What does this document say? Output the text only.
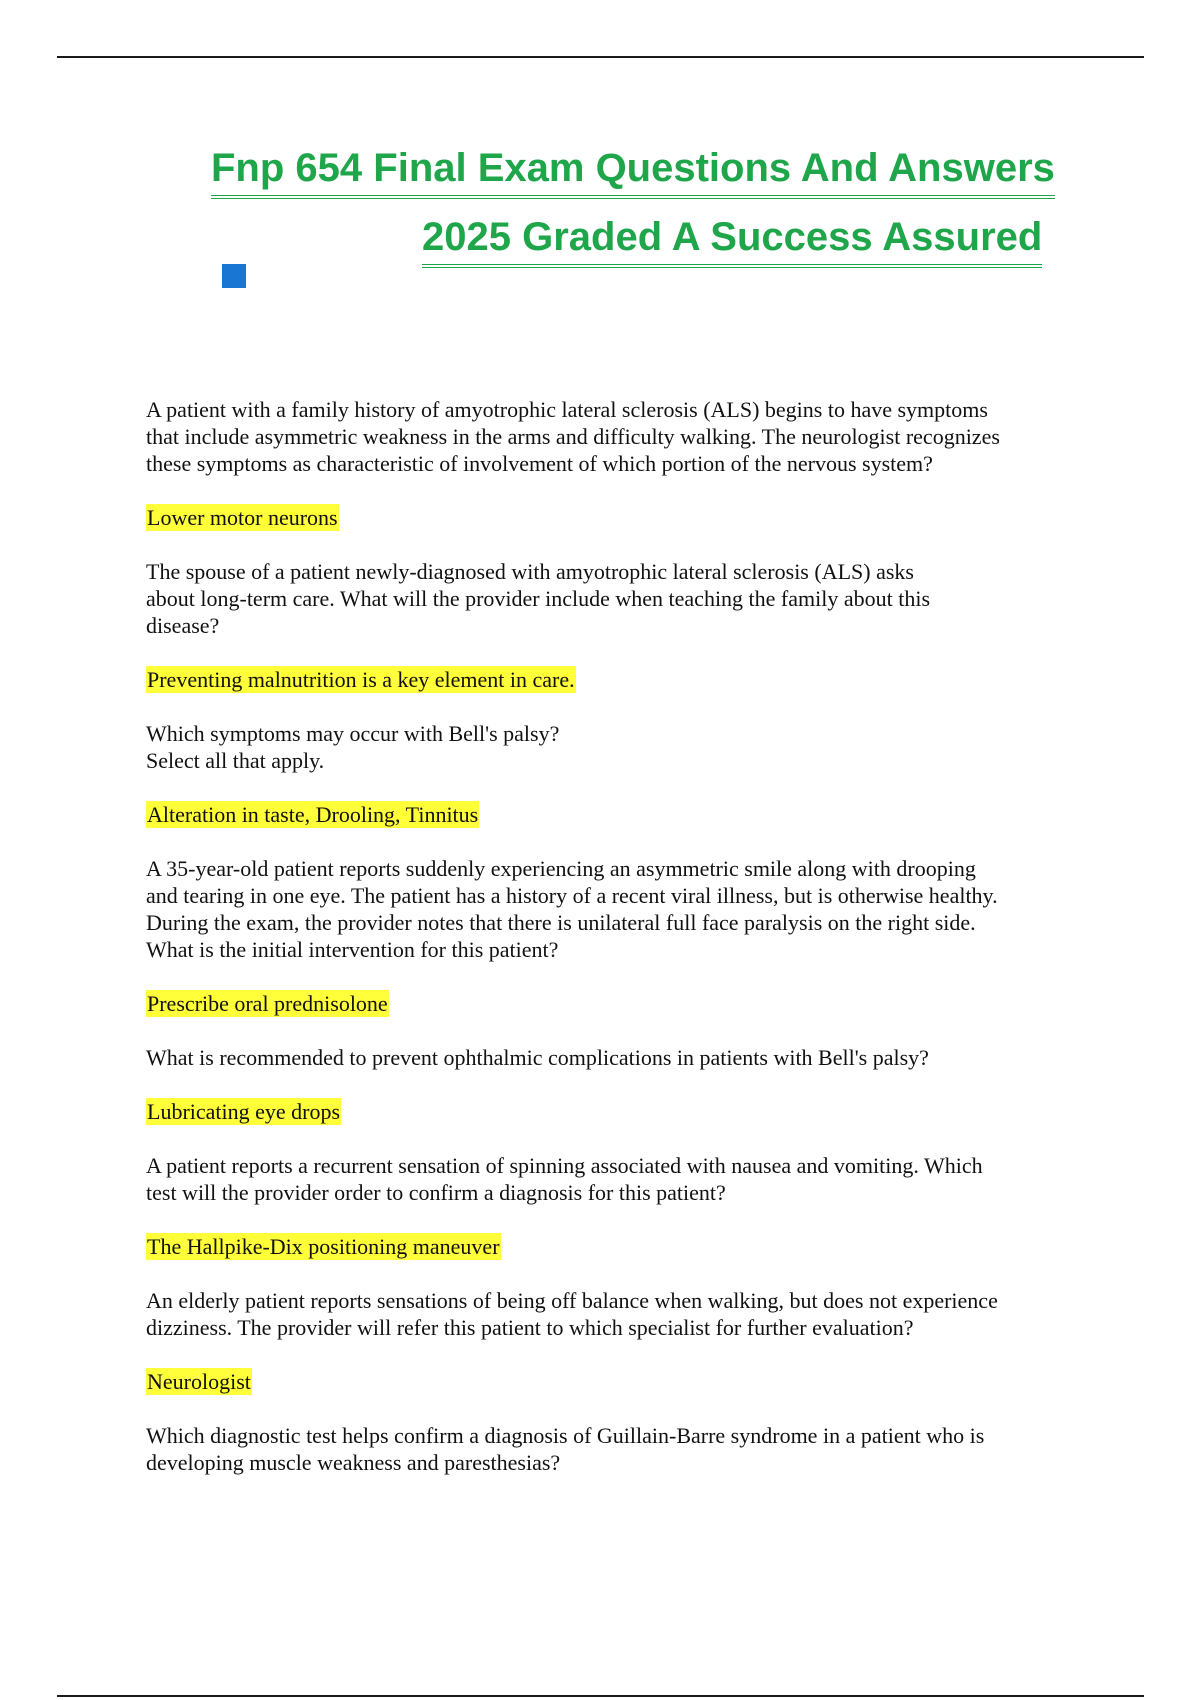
Fnp 654 Final Exam Questions And Answers
2025 Graded A Success Assured
A patient with a family history of amyotrophic lateral sclerosis (ALS) begins to have symptoms
that include asymmetric weakness in the arms and difficulty walking. The neurologist recognizes
these symptoms as characteristic of involvement of which portion of the nervous system?
Lower motor neurons
The spouse of a patient newly-diagnosed with amyotrophic lateral sclerosis (ALS) asks
about long-term care. What will the provider include when teaching the family about this
disease?
Preventing malnutrition is a key element in care.
Which symptoms may occur with Bell's palsy?
Select all that apply.
Alteration in taste, Drooling, Tinnitus
A 35-year-old patient reports suddenly experiencing an asymmetric smile along with drooping
and tearing in one eye. The patient has a history of a recent viral illness, but is otherwise healthy.
During the exam, the provider notes that there is unilateral full face paralysis on the right side.
What is the initial intervention for this patient?
Prescribe oral prednisolone
What is recommended to prevent ophthalmic complications in patients with Bell's palsy?
Lubricating eye drops
A patient reports a recurrent sensation of spinning associated with nausea and vomiting. Which
test will the provider order to confirm a diagnosis for this patient?
The Hallpike-Dix positioning maneuver
An elderly patient reports sensations of being off balance when walking, but does not experience
dizziness. The provider will refer this patient to which specialist for further evaluation?
Neurologist
Which diagnostic test helps confirm a diagnosis of Guillain-Barre syndrome in a patient who is
developing muscle weakness and paresthesias?
